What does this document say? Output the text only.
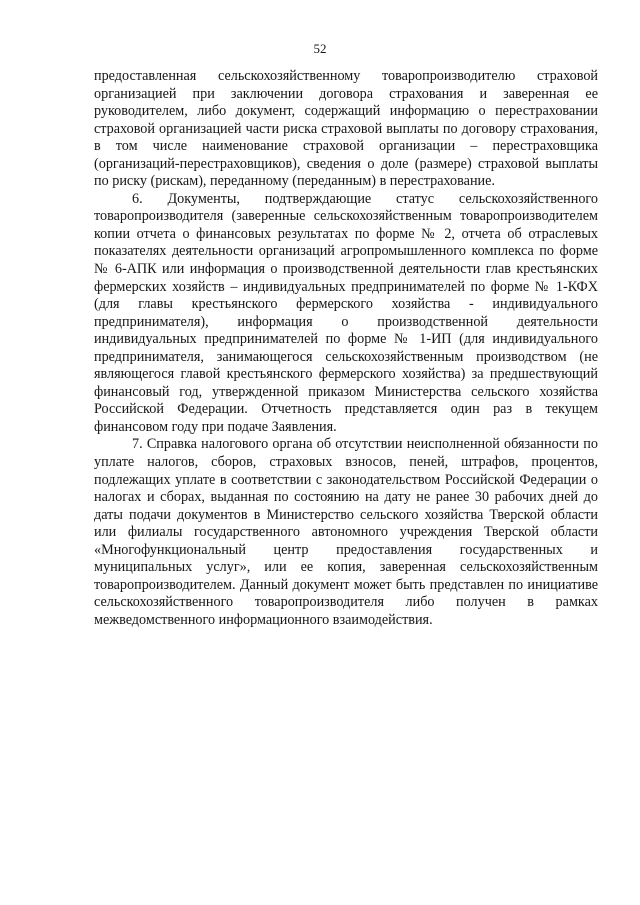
52

предоставленная сельскохозяйственному товаропроизводителю страховой организацией при заключении договора страхования и заверенная ее руководителем, либо документ, содержащий информацию о перестраховании страховой организацией части риска страховой выплаты по договору страхования, в том числе наименование страховой организации – перестраховщика (организаций-перестраховщиков), сведения о доле (размере) страховой выплаты по риску (рискам), переданному (переданным) в перестрахование.

6. Документы, подтверждающие статус сельскохозяйственного товаропроизводителя (заверенные сельскохозяйственным товаропроизводителем копии отчета о финансовых результатах по форме № 2, отчета об отраслевых показателях деятельности организаций агропромышленного комплекса по форме № 6-АПК или информация о производственной деятельности глав крестьянских фермерских хозяйств – индивидуальных предпринимателей по форме № 1-КФХ (для главы крестьянского фермерского хозяйства - индивидуального предпринимателя), информация о производственной деятельности индивидуальных предпринимателей по форме № 1-ИП (для индивидуального предпринимателя, занимающегося сельскохозяйственным производством (не являющегося главой крестьянского фермерского хозяйства) за предшествующий финансовый год, утвержденной приказом Министерства сельского хозяйства Российской Федерации. Отчетность представляется один раз в текущем финансовом году при подаче Заявления.

7. Справка налогового органа об отсутствии неисполненной обязанности по уплате налогов, сборов, страховых взносов, пеней, штрафов, процентов, подлежащих уплате в соответствии с законодательством Российской Федерации о налогах и сборах, выданная по состоянию на дату не ранее 30 рабочих дней до даты подачи документов в Министерство сельского хозяйства Тверской области или филиалы государственного автономного учреждения Тверской области «Многофункциональный центр предоставления государственных и муниципальных услуг», или ее копия, заверенная сельскохозяйственным товаропроизводителем. Данный документ может быть представлен по инициативе сельскохозяйственного товаропроизводителя либо получен в рамках межведомственного информационного взаимодействия.
